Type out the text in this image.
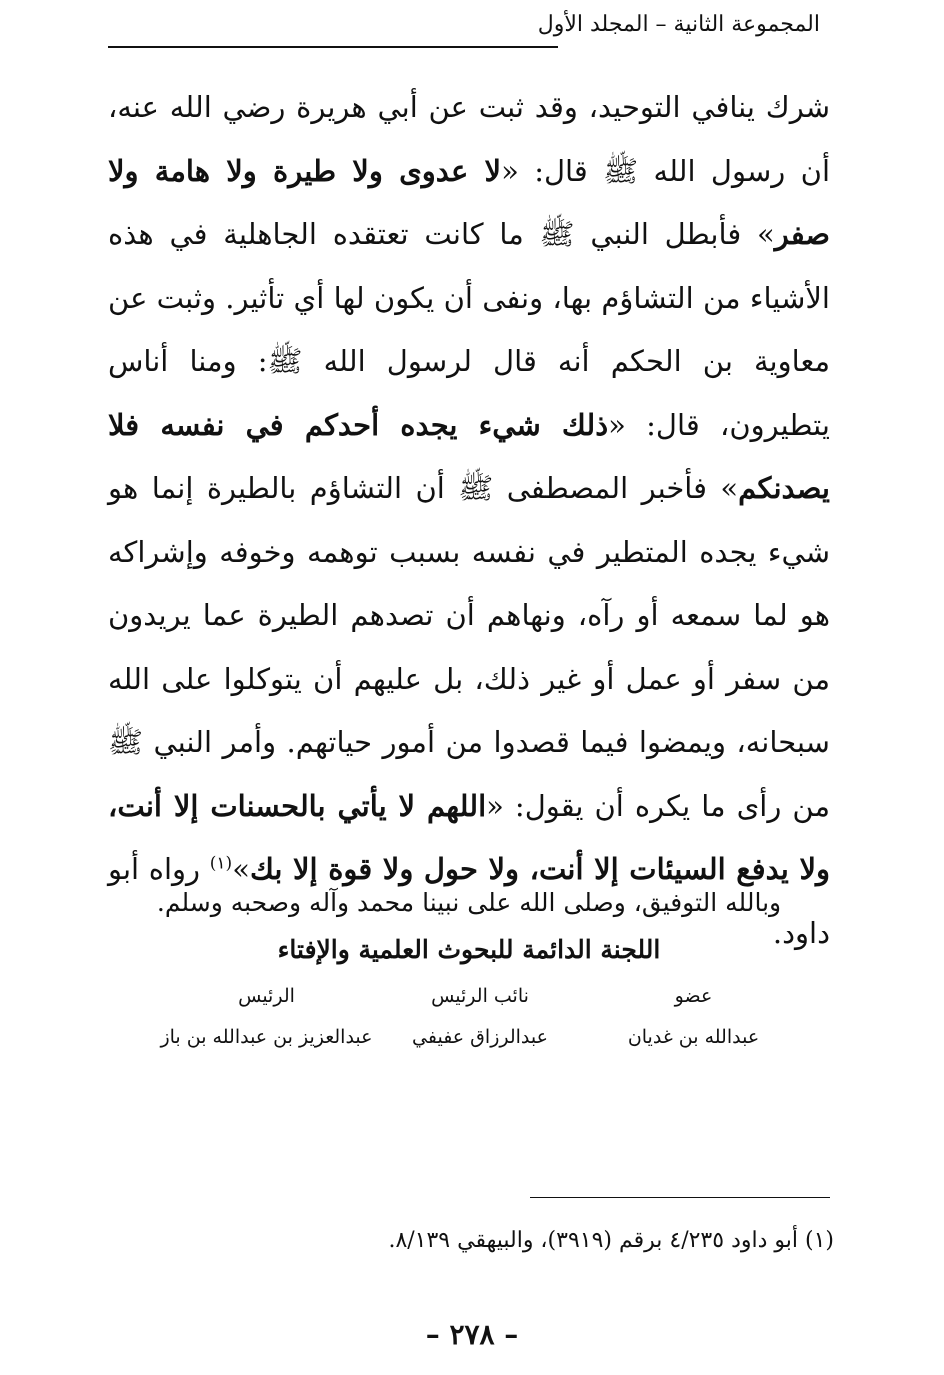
المجموعة الثانية – المجلد الأول

شرك ينافي التوحيد، وقد ثبت عن أبي هريرة رضي الله عنه، أن رسول الله ﷺ قال: «لا عدوى ولا طيرة ولا هامة ولا صفر» فأبطل النبي ﷺ ما كانت تعتقده الجاهلية في هذه الأشياء من التشاؤم بها، ونفى أن يكون لها أي تأثير. وثبت عن معاوية بن الحكم أنه قال لرسول الله ﷺ: ومنا أناس يتطيرون، قال: «ذلك شيء يجده أحدكم في نفسه فلا يصدنكم» فأخبر المصطفى ﷺ أن التشاؤم بالطيرة إنما هو شيء يجده المتطير في نفسه بسبب توهمه وخوفه وإشراكه هو لما سمعه أو رآه، ونهاهم أن تصدهم الطيرة عما يريدون من سفر أو عمل أو غير ذلك، بل عليهم أن يتوكلوا على الله سبحانه، ويمضوا فيما قصدوا من أمور حياتهم. وأمر النبي ﷺ من رأى ما يكره أن يقول: «اللهم لا يأتي بالحسنات إلا أنت، ولا يدفع السيئات إلا أنت، ولا حول ولا قوة إلا بك»$^{(١)}$ رواه أبو داود.

وبالله التوفيق، وصلى الله على نبينا محمد وآله وصحبه وسلم.
اللجنة الدائمة للبحوث العلمية والإفتاء
عضو
نائب الرئيس
الرئيس
عبدالله بن غديان
عبدالرزاق عفيفي
عبدالعزيز بن عبدالله بن باز
(١) أبو داود ٤/٢٣٥ برقم (٣٩١٩)، والبيهقي ٨/١٣٩.
– ٢٧٨ –
